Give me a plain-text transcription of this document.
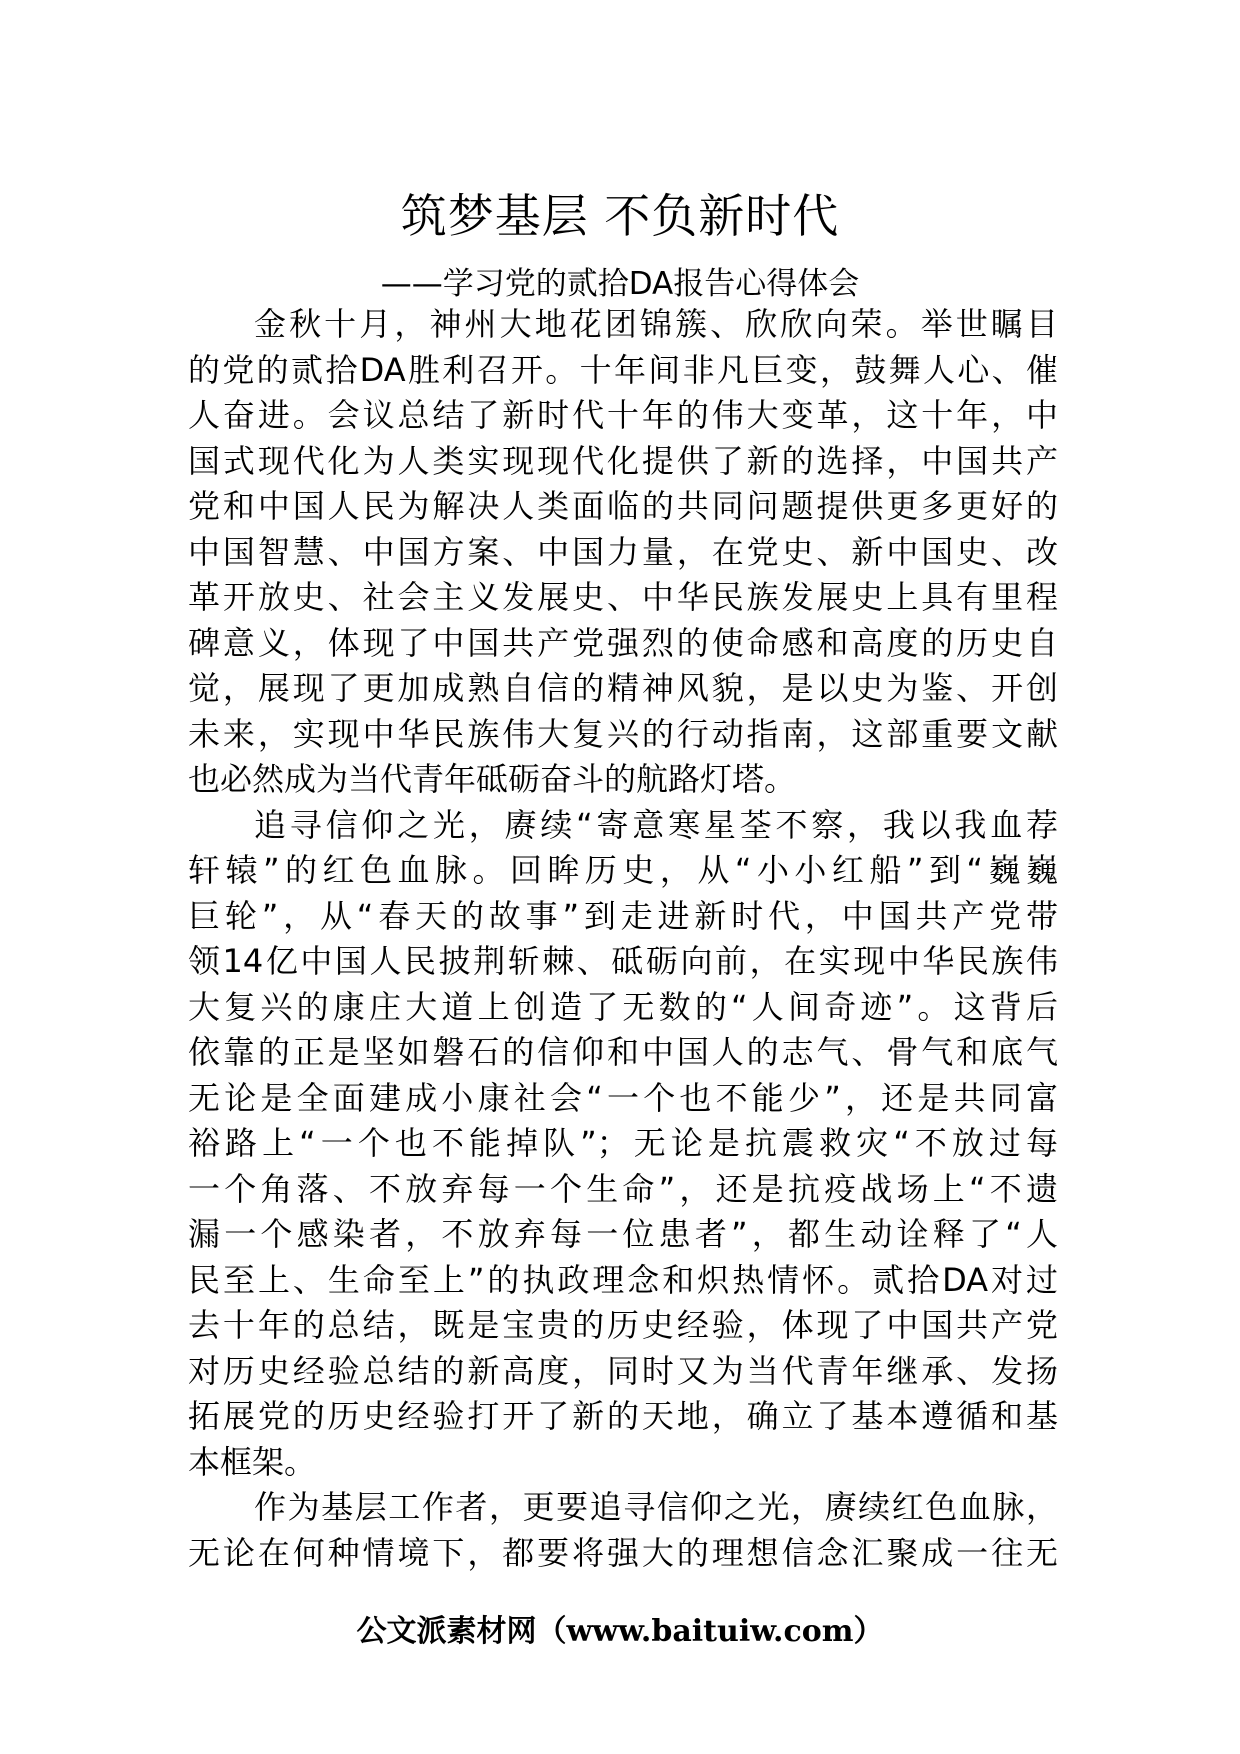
筑梦基层 不负新时代
——学习党的贰拾DA报告心得体会
金秋十月，神州大地花团锦簇、欣欣向荣。举世瞩目
的党的贰拾DA胜利召开。十年间非凡巨变，鼓舞人心、催
人奋进。会议总结了新时代十年的伟大变革，这十年，中
国式现代化为人类实现现代化提供了新的选择，中国共产
党和中国人民为解决人类面临的共同问题提供更多更好的
中国智慧、中国方案、中国力量，在党史、新中国史、改
革开放史、社会主义发展史、中华民族发展史上具有里程
碑意义，体现了中国共产党强烈的使命感和高度的历史自
觉，展现了更加成熟自信的精神风貌，是以史为鉴、开创
未来，实现中华民族伟大复兴的行动指南，这部重要文献
也必然成为当代青年砥砺奋斗的航路灯塔。
追寻信仰之光，赓续“寄意寒星荃不察，我以我血荐
轩辕”的红色血脉。回眸历史，从“小小红船”到“巍巍
巨轮”，从“春天的故事”到走进新时代，中国共产党带
领14亿中国人民披荆斩棘、砥砺向前，在实现中华民族伟
大复兴的康庄大道上创造了无数的“人间奇迹”。这背后
依靠的正是坚如磐石的信仰和中国人的志气、骨气和底气
无论是全面建成小康社会“一个也不能少”，还是共同富
裕路上“一个也不能掉队”；无论是抗震救灾“不放过每
一个角落、不放弃每一个生命”，还是抗疫战场上“不遗
漏一个感染者，不放弃每一位患者”，都生动诠释了“人
民至上、生命至上”的执政理念和炽热情怀。贰拾DA对过
去十年的总结，既是宝贵的历史经验，体现了中国共产党
对历史经验总结的新高度，同时又为当代青年继承、发扬
拓展党的历史经验打开了新的天地，确立了基本遵循和基
本框架。
作为基层工作者，更要追寻信仰之光，赓续红色血脉，
无论在何种情境下，都要将强大的理想信念汇聚成一往无
公文派素材网（www.baituiw.com）
